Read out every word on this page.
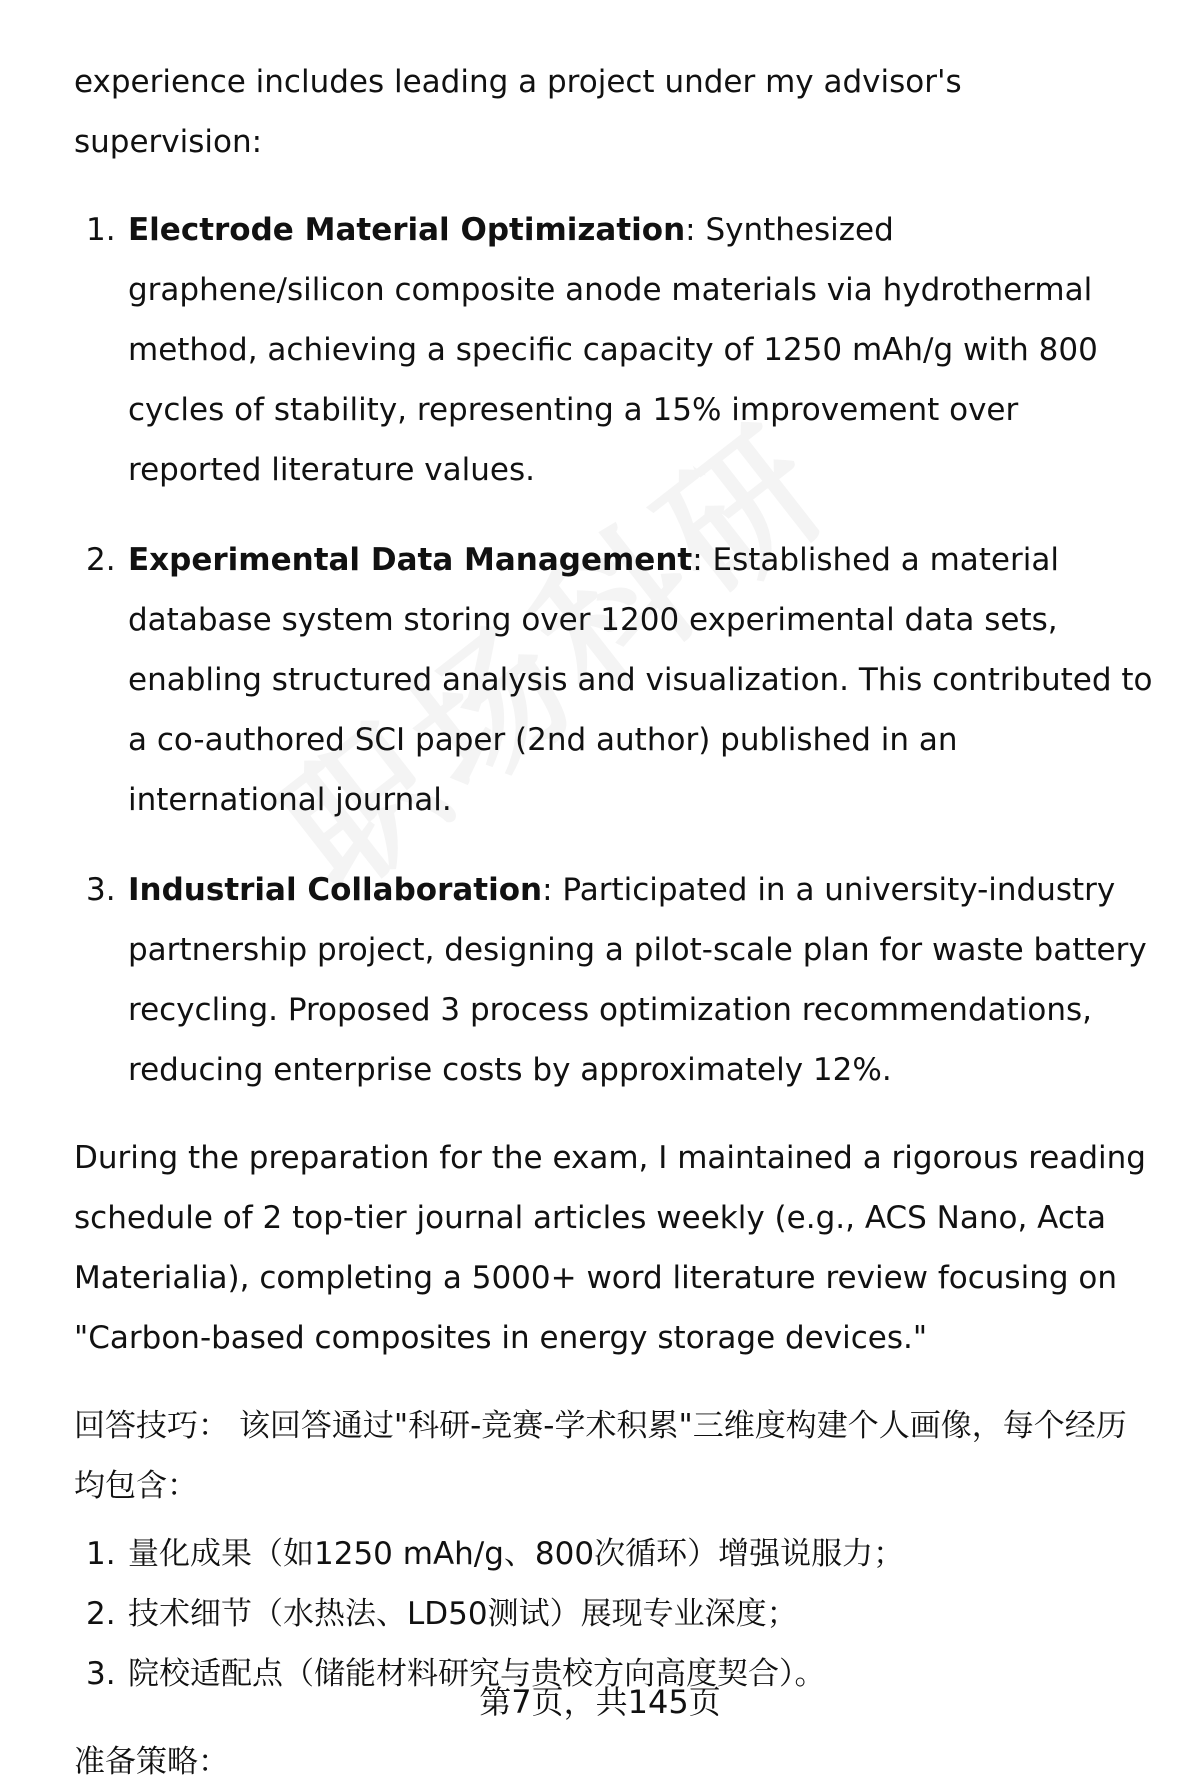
experience includes leading a project under my advisor's supervision:

1. Electrode Material Optimization: Synthesized graphene/silicon composite anode materials via hydrothermal method, achieving a specific capacity of 1250 mAh/g with 800 cycles of stability, representing a 15% improvement over reported literature values.
2. Experimental Data Management: Established a material database system storing over 1200 experimental data sets, enabling structured analysis and visualization. This contributed to a co-authored SCI paper (2nd author) published in an international journal.
3. Industrial Collaboration: Participated in a university-industry partnership project, designing a pilot-scale plan for waste battery recycling. Proposed 3 process optimization recommendations, reducing enterprise costs by approximately 12%.

During the preparation for the exam, I maintained a rigorous reading schedule of 2 top-tier journal articles weekly (e.g., ACS Nano, Acta Materialia), completing a 5000+ word literature review focusing on "Carbon-based composites in energy storage devices."

回答技巧： 该回答通过"科研-竞赛-学术积累"三维度构建个人画像，每个经历均包含：

1. 量化成果（如1250 mAh/g、800次循环）增强说服力；
2. 技术细节（水热法、LD50测试）展现专业深度；
3. 院校适配点（储能材料研究与贵校方向高度契合）。

准备策略：

第7页，共145页
